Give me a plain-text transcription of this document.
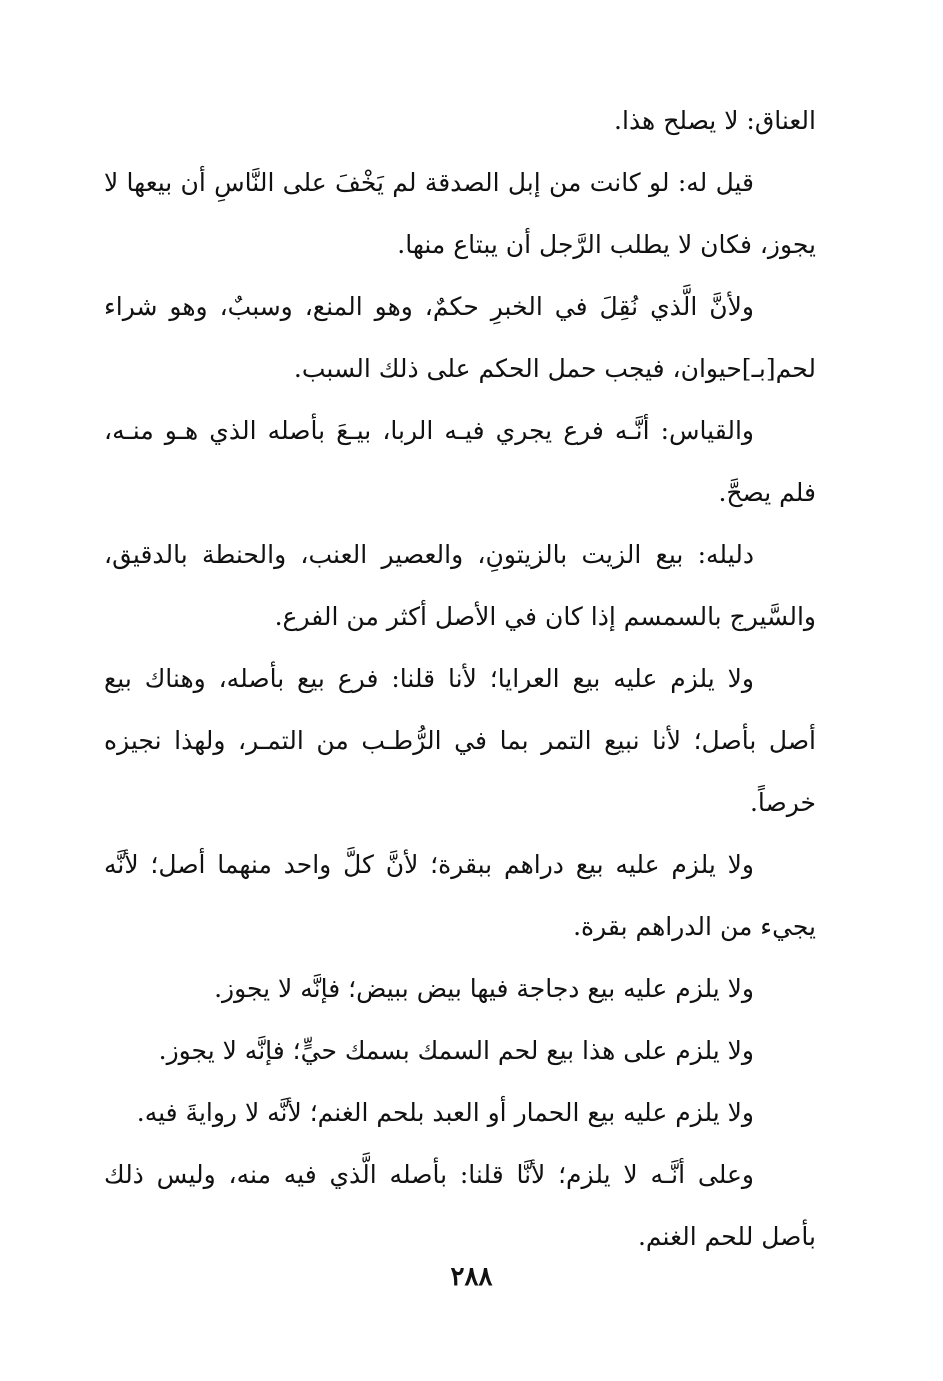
العناق: لا يصلح هذا.

قيل له: لو كانت من إبل الصدقة لم يَخْفَ على النَّاسِ أن بيعها لا يجوز، فكان لا يطلب الرَّجل أن يبتاع منها.

ولأنَّ الَّذي نُقِلَ في الخبرِ حكمٌ، وهو المنع، وسببٌ، وهو شراء لحم[بـ]حيوان، فيجب حمل الحكم على ذلك السبب.

والقياس: أنَّـه فرع يجري فيـه الربا، بيـعَ بأصله الذي هـو منـه، فلم يصحَّ.

دليله: بيع الزيت بالزيتونِ، والعصير العنب، والحنطة بالدقيق، والسَّيرج بالسمسم إذا كان في الأصل أكثر من الفرع.

ولا يلزم عليه بيع العرايا؛ لأنا قلنا: فرع بيع بأصله، وهناك بيع أصل بأصل؛ لأنا نبيع التمر بما في الرُّطـب من التمـر، ولهذا نجيزه خرصاً.

ولا يلزم عليه بيع دراهم ببقرة؛ لأنَّ كلَّ واحد منهما أصل؛ لأنَّه يجيء من الدراهم بقرة.

ولا يلزم عليه بيع دجاجة فيها بيض ببيض؛ فإنَّه لا يجوز.

ولا يلزم على هذا بيع لحم السمك بسمك حيٍّ؛ فإنَّه لا يجوز.

ولا يلزم عليه بيع الحمار أو العبد بلحم الغنم؛ لأنَّه لا روايةَ فيه.

وعلى أنَّـه لا يلزم؛ لأنَّا قلنا: بأصله الَّذي فيه منه، وليس ذلك بأصل للحم الغنم.

٢٨٨
